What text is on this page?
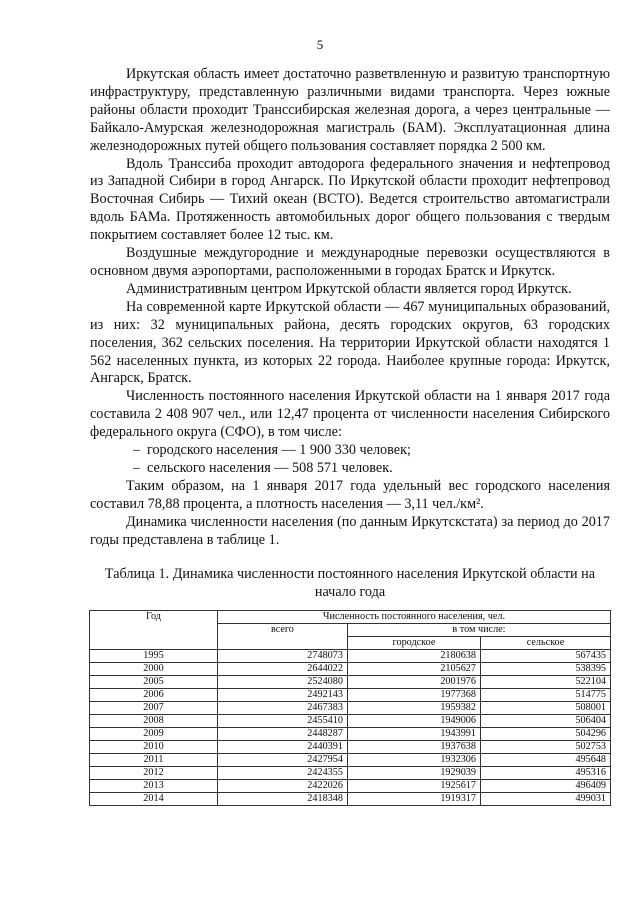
5

Иркутская область имеет достаточно разветвленную и развитую транспортную инфраструктуру, представленную различными видами транспорта. Через южные районы области проходит Транссибирская железная дорога, а через центральные — Байкало-Амурская железнодорожная магистраль (БАМ). Эксплуатационная длина железнодорожных путей общего пользования составляет порядка 2 500 км.

Вдоль Транссиба проходит автодорога федерального значения и нефтепровод из Западной Сибири в город Ангарск. По Иркутской области проходит нефтепровод Восточная Сибирь — Тихий океан (ВСТО). Ведется строительство автомагистрали вдоль БАМа. Протяженность автомобильных дорог общего пользования с твердым покрытием составляет более 12 тыс. км.

Воздушные междугородние и международные перевозки осуществляются в основном двумя аэропортами, расположенными в городах Братск и Иркутск.

Административным центром Иркутской области является город Иркутск.

На современной карте Иркутской области — 467 муниципальных образований, из них: 32 муниципальных района, десять городских округов, 63 городских поселения, 362 сельских поселения. На территории Иркутской области находятся 1 562 населенных пункта, из которых 22 города. Наиболее крупные города: Иркутск, Ангарск, Братск.

Численность постоянного населения Иркутской области на 1 января 2017 года составила 2 408 907 чел., или 12,47 процента от численности населения Сибирского федерального округа (СФО), в том числе:

– городского населения — 1 900 330 человек;
– сельского населения — 508 571 человек.

Таким образом, на 1 января 2017 года удельный вес городского населения составил 78,88 процента, а плотность населения — 3,11 чел./км².

Динамика численности населения (по данным Иркутскстата) за период до 2017 годы представлена в таблице 1.

Таблица 1. Динамика численности постоянного населения Иркутской области на начало года
Год	Численность постоянного населения, чел.		
	всего	в том числе:	
		городское	сельское
1995	2748073	2180638	567435
2000	2644022	2105627	538395
2005	2524080	2001976	522104
2006	2492143	1977368	514775
2007	2467383	1959382	508001
2008	2455410	1949006	506404
2009	2448287	1943991	504296
2010	2440391	1937638	502753
2011	2427954	1932306	495648
2012	2424355	1929039	495316
2013	2422026	1925617	496409
2014	2418348	1919317	499031
